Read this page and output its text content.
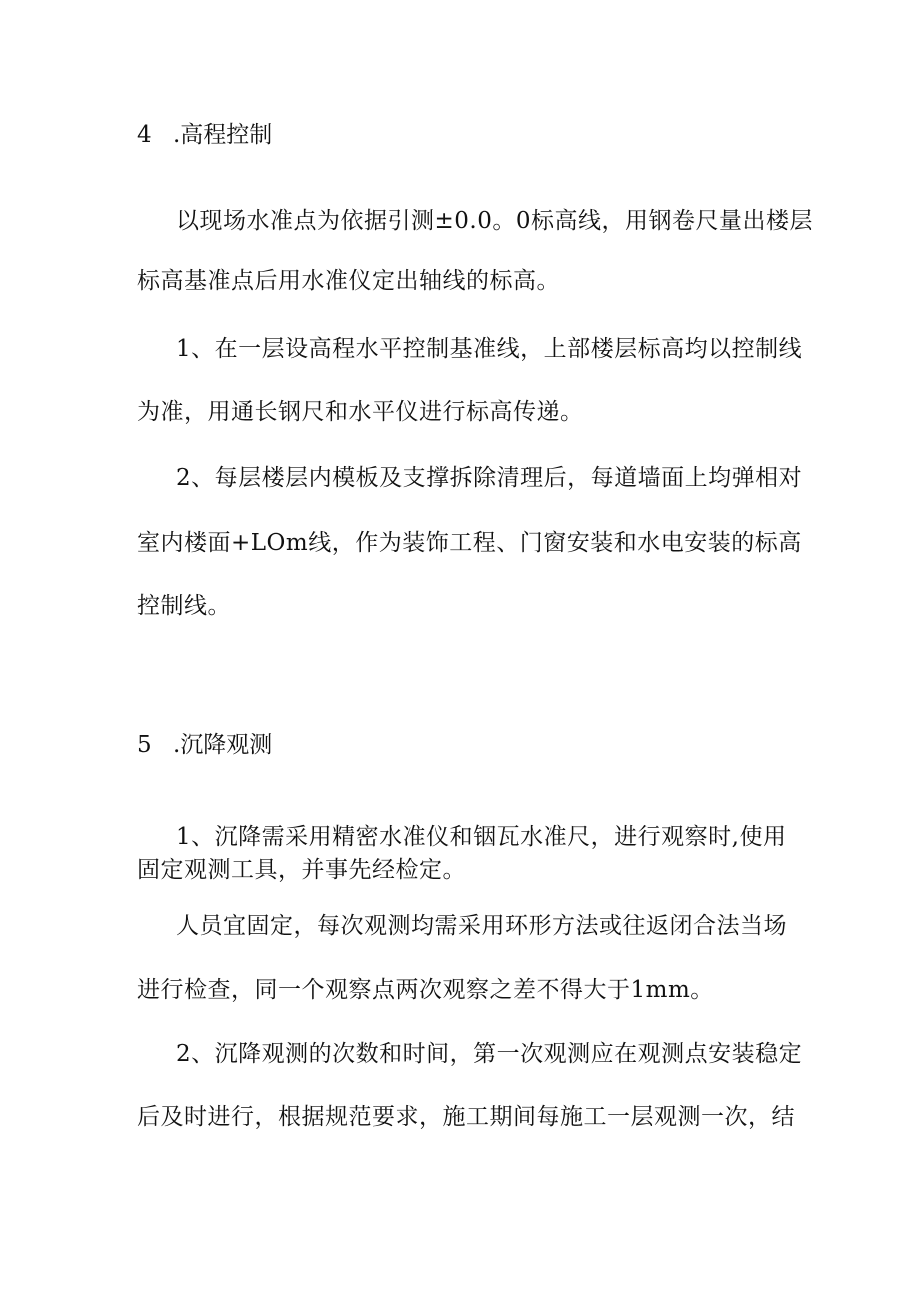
4 .高程控制
以现场水准点为依据引测±0.0。0标高线，用钢卷尺量出楼层
标高基准点后用水准仪定出轴线的标高。
1、在一层设高程水平控制基准线，上部楼层标高均以控制线
为准，用通长钢尺和水平仪进行标高传递。
2、每层楼层内模板及支撑拆除清理后，每道墙面上均弹相对
室内楼面+LOm线，作为装饰工程、门窗安装和水电安装的标高
控制线。
5 .沉降观测
1、沉降需采用精密水准仪和铟瓦水准尺，进行观察时,使用
固定观测工具，并事先经检定。
人员宜固定，每次观测均需采用环形方法或往返闭合法当场
进行检查，同一个观察点两次观察之差不得大于1mm。
2、沉降观测的次数和时间，第一次观测应在观测点安装稳定
后及时进行，根据规范要求，施工期间每施工一层观测一次，结
